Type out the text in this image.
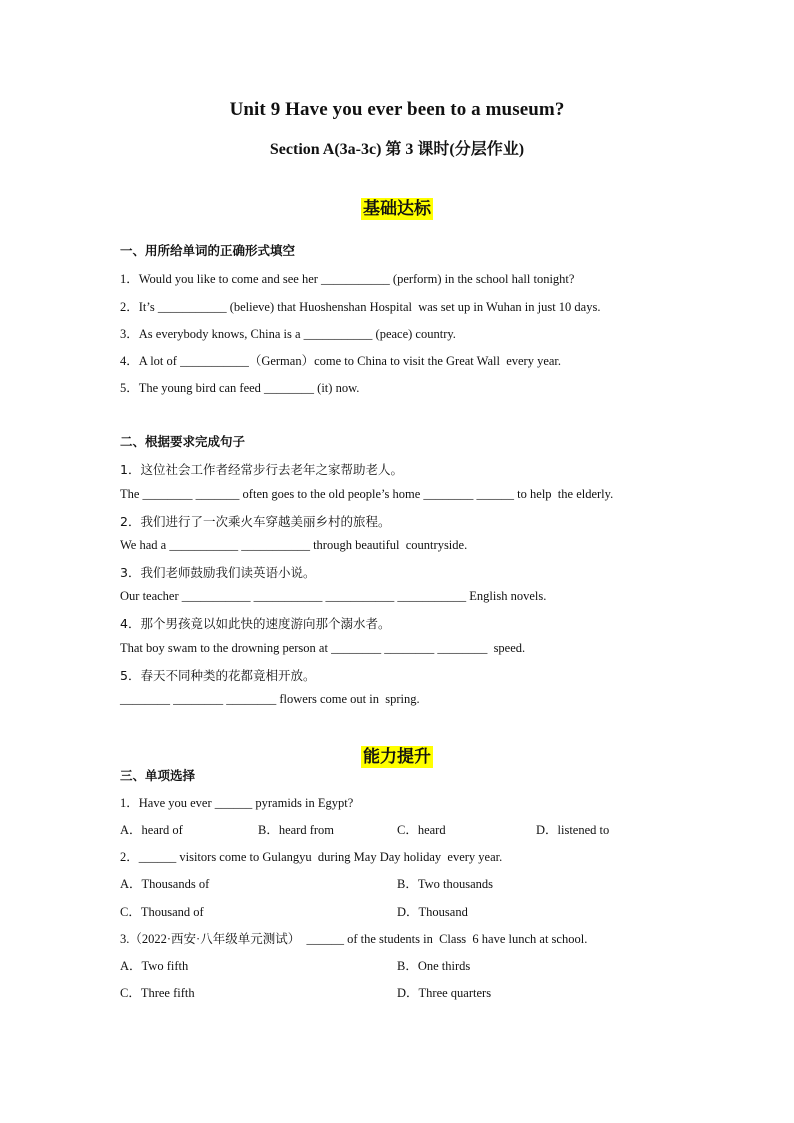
Unit 9 Have you ever been to a museum?
Section A(3a-3c) 第 3 课时(分层作业)
基础达标
一、用所给单词的正确形式填空
1．Would you like to come and see her ___________ (perform) in the school hall tonight?
2．It’s ___________ (believe) that Huoshenshan Hospital  was set up in Wuhan in just 10 days.
3．As everybody knows, China is a ___________ (peace) country.
4．A lot of ___________（German）come to China to visit the Great Wall  every year.
5．The young bird can feed ________ (it) now.
二、根据要求完成句子
1．这位社会工作者经常步行去老年之家帮助老人。
The ________ _______ often goes to the old people’s home ________ ______ to help  the elderly.
2．我们进行了一次乘火车穿越美丽乡村的旅程。
We had a ___________ ___________ through beautiful  countryside.
3．我们老师鼓励我们读英语小说。
Our teacher ___________ ___________ ___________ ___________ English novels.
4．那个男孩竟以如此快的速度游向那个溺水者。
That boy swam to the drowning person at ________ ________ ________  speed.
5．春天不同种类的花都竟相开放。
________ ________ ________ flowers come out in  spring.
能力提升
三、单项选择
1．Have you ever ______ pyramids in Egypt?
A．heard of	B．heard from	C．heard	D．listened to
2．______ visitors come to Gulangyu  during May Day holiday  every year.
A．Thousands of	B．Two thousands
C．Thousand of	D．Thousand
3.（2022·西安·八年级单元测试）  ______ of the students in  Class  6 have lunch at school.
A．Two fifth	B．One thirds
C．Three fifth	D．Three quarters
